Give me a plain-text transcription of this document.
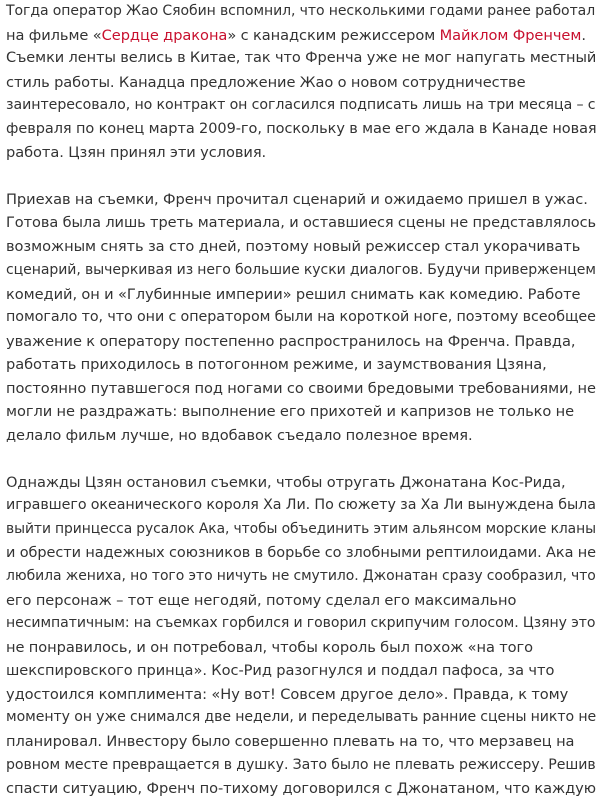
Тогда оператор Жао Сяобин вспомнил, что несколькими годами ранее работал
на фильме «Сердце дракона» с канадским режиссером Майклом Френчем.
Съемки ленты велись в Китае, так что Френча уже не мог напугать местный
стиль работы. Канадца предложение Жао о новом сотрудничестве
заинтересовало, но контракт он согласился подписать лишь на три месяца – с
февраля по конец марта 2009-го, поскольку в мае его ждала в Канаде новая
работа. Цзян принял эти условия.

Приехав на съемки, Френч прочитал сценарий и ожидаемо пришел в ужас.
Готова была лишь треть материала, и оставшиеся сцены не представлялось
возможным снять за сто дней, поэтому новый режиссер стал укорачивать
сценарий, вычеркивая из него большие куски диалогов. Будучи приверженцем
комедий, он и «Глубинные империи» решил снимать как комедию. Работе
помогало то, что они с оператором были на короткой ноге, поэтому всеобщее
уважение к оператору постепенно распространилось на Френча. Правда,
работать приходилось в потогонном режиме, и заумствования Цзяна,
постоянно путавшегося под ногами со своими бредовыми требованиями, не
могли не раздражать: выполнение его прихотей и капризов не только не
делало фильм лучше, но вдобавок съедало полезное время.

Однажды Цзян остановил съемки, чтобы отругать Джонатана Кос-Рида,
игравшего океанического короля Ха Ли. По сюжету за Ха Ли вынуждена была
выйти принцесса русалок Ака, чтобы объединить этим альянсом морские кланы
и обрести надежных союзников в борьбе со злобными рептилоидами. Ака не
любила жениха, но того это ничуть не смутило. Джонатан сразу сообразил, что
его персонаж – тот еще негодяй, потому сделал его максимально
несимпатичным: на съемках горбился и говорил скрипучим голосом. Цзяну это
не понравилось, и он потребовал, чтобы король был похож «на того
шекспировского принца». Кос-Рид разогнулся и поддал пафоса, за что
удостоился комплимента: «Ну вот! Совсем другое дело». Правда, к тому
моменту он уже снимался две недели, и переделывать ранние сцены никто не
планировал. Инвестору было совершенно плевать на то, что мерзавец на
ровном месте превращается в душку. Зато было не плевать режиссеру. Решив
спасти ситуацию, Френч по-тихому договорился с Джонатаном, что каждую
